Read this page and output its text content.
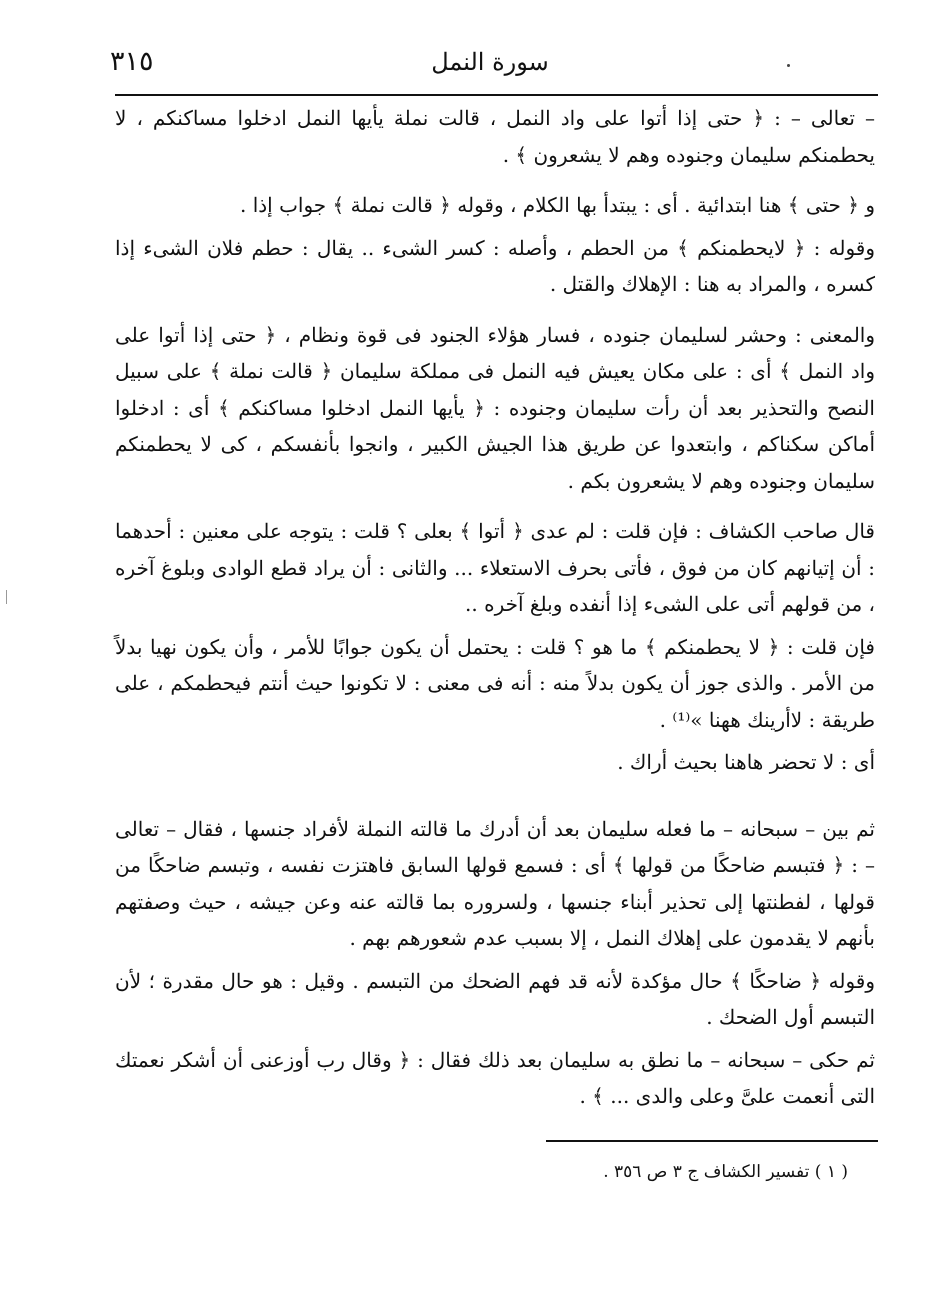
٣١٥	سورة النمل

– تعالى – : ﴿ حتى إذا أتوا على واد النمل ، قالت نملة يأيها النمل ادخلوا مساكنكم ، لا يحطمنكم سليمان وجنوده وهم لا يشعرون ﴾ .

و ﴿ حتى ﴾ هنا ابتدائية . أى : يبتدأ بها الكلام ، وقوله ﴿ قالت نملة ﴾ جواب إذا .

وقوله : ﴿ لايحطمنكم ﴾ من الحطم ، وأصله : كسر الشىء .. يقال : حطم فلان الشىء إذا كسره ، والمراد به هنا : الإهلاك والقتل .

والمعنى : وحشر لسليمان جنوده ، فسار هؤلاء الجنود فى قوة ونظام ، ﴿ حتى إذا أتوا على واد النمل ﴾ أى : على مكان يعيش فيه النمل فى مملكة سليمان ﴿ قالت نملة ﴾ على سبيل النصح والتحذير بعد أن رأت سليمان وجنوده : ﴿ يأيها النمل ادخلوا مساكنكم ﴾ أى : ادخلوا أماكن سكناكم ، وابتعدوا عن طريق هذا الجيش الكبير ، وانجوا بأنفسكم ، كى لا يحطمنكم سليمان وجنوده وهم لا يشعرون بكم .

قال صاحب الكشاف : فإن قلت : لم عدى ﴿ أتوا ﴾ بعلى ؟ قلت : يتوجه على معنين : أحدهما : أن إتيانهم كان من فوق ، فأتى بحرف الاستعلاء ... والثانى : أن يراد قطع الوادى وبلوغ آخره ، من قولهم أتى على الشىء إذا أنفده وبلغ آخره ..

فإن قلت : ﴿ لا يحطمنكم ﴾ ما هو ؟ قلت : يحتمل أن يكون جوابًا للأمر ، وأن يكون نهيا بدلاً من الأمر . والذى جوز أن يكون بدلاً منه : أنه فى معنى : لا تكونوا حيث أنتم فيحطمكم ، على طريقة : لاأرينك ههنا »⁽¹⁾ .

أى : لا تحضر هاهنا بحيث أراك .

ثم بين – سبحانه – ما فعله سليمان بعد أن أدرك ما قالته النملة لأفراد جنسها ، فقال – تعالى – : ﴿ فتبسم ضاحكًا من قولها ﴾ أى : فسمع قولها السابق فاهتزت نفسه ، وتبسم ضاحكًا من قولها ، لفطنتها إلى تحذير أبناء جنسها ، ولسروره بما قالته عنه وعن جيشه ، حيث وصفتهم بأنهم لا يقدمون على إهلاك النمل ، إلا بسبب عدم شعورهم بهم .

وقوله ﴿ ضاحكًا ﴾ حال مؤكدة لأنه قد فهم الضحك من التبسم . وقيل : هو حال مقدرة ؛ لأن التبسم أول الضحك .

ثم حكى – سبحانه – ما نطق به سليمان بعد ذلك فقال : ﴿ وقال رب أوزعنى أن أشكر نعمتك التى أنعمت علىَّ وعلى والدى ... ﴾ .

( ١ ) تفسير الكشاف ج ٣ ص ٣٥٦ .
